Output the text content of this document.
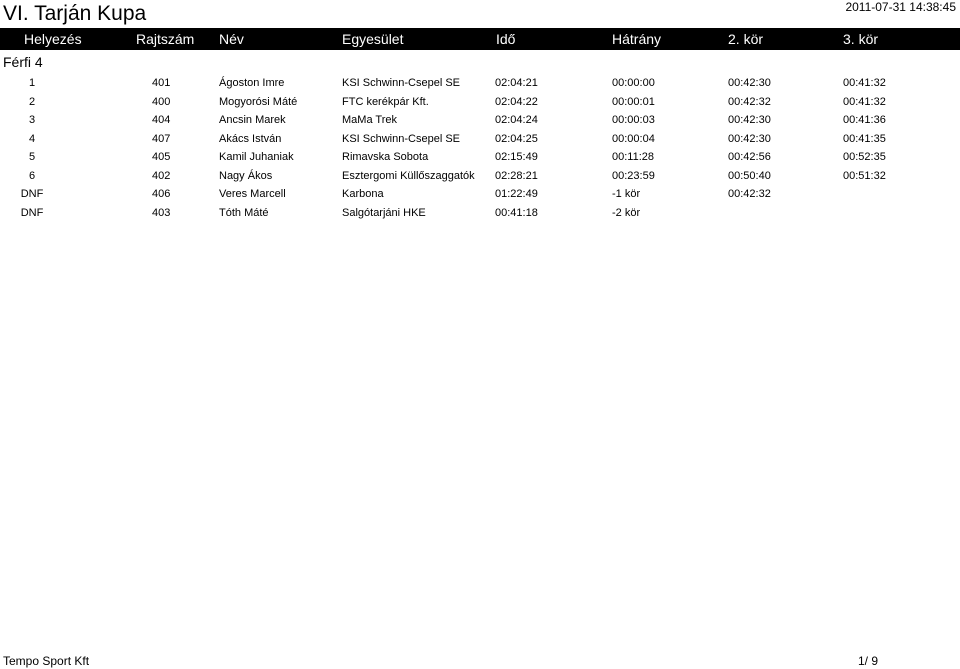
VI. Tarján Kupa	2011-07-31 14:38:45
Helyezés	Rajtszám Név	Egyesület	Idő	Hátrány	2. kör	3. kör
Férfi 4
1	401	Ágoston Imre	KSI Schwinn-Csepel SE	02:04:21	00:00:00	00:42:30	00:41:32
2	400	Mogyorósi Máté	FTC kerékpár Kft.	02:04:22	00:00:01	00:42:32	00:41:32
3	404	Ancsin Marek	MaMa Trek	02:04:24	00:00:03	00:42:30	00:41:36
4	407	Akács István	KSI Schwinn-Csepel SE	02:04:25	00:00:04	00:42:30	00:41:35
5	405	Kamil Juhaniak	Rimavska Sobota	02:15:49	00:11:28	00:42:56	00:52:35
6	402	Nagy Ákos	Esztergomi Küllőszaggatók 02:28:21	00:23:59	00:50:40	00:51:32
DNF	406	Veres Marcell	Karbona	01:22:49	-1 kör	00:42:32
DNF	403	Tóth Máté	Salgótarjáni HKE	00:41:18	-2 kör
Tempo Sport Kft	1/ 9
